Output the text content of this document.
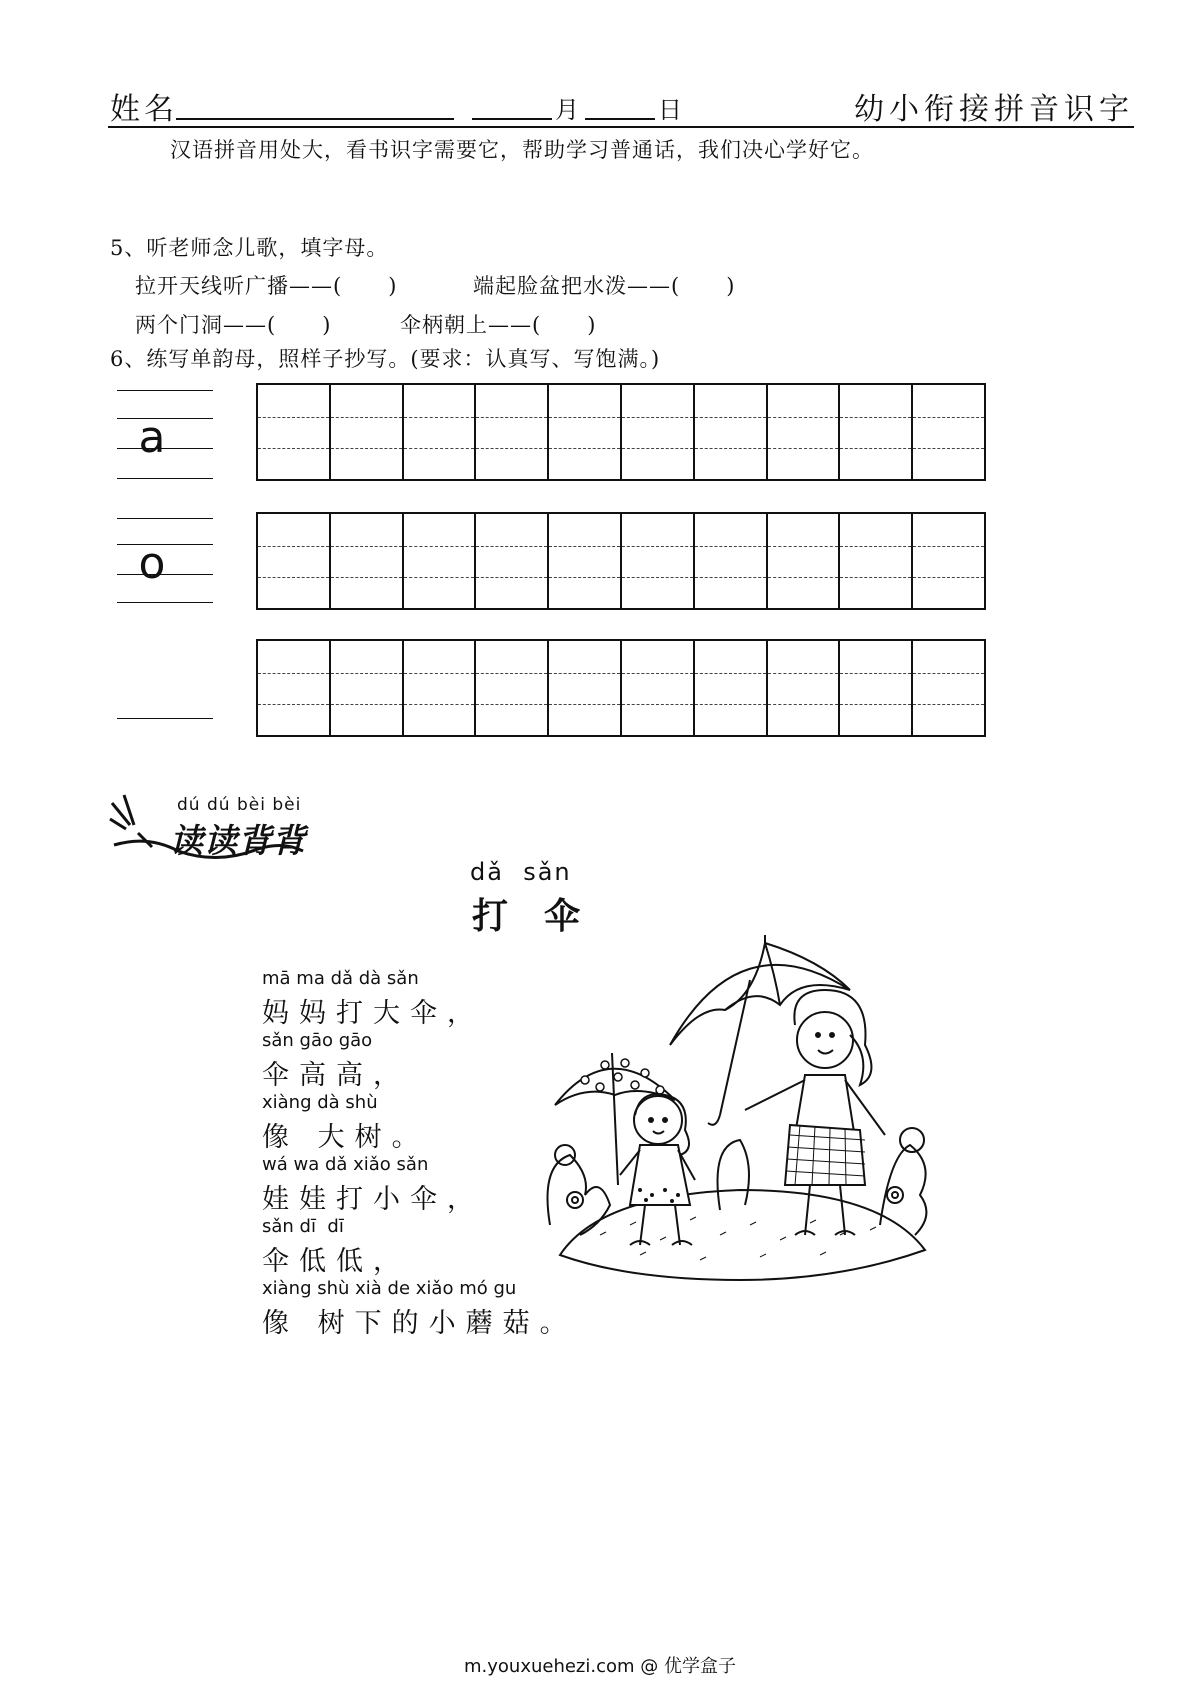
姓名	月	日	幼小衔接拼音识字
汉语拼音用处大，看书识字需要它，帮助学习普通话，我们决心学好它。
5、听老师念儿歌，填字母。
拉开天线听广播——(      )	端起脸盆把水泼——(      )
两个门洞——(      )	伞柄朝上——(      )
6、练写单韵母，照样子抄写。(要求：认真写、写饱满。)
a
o
dú dú bèi bèi
读读背背
dǎ  sǎn
打伞
mā ma dǎ dà sǎn
妈妈打大伞，
sǎn gāo gāo
伞高高，
xiàng dà shù
像 大树。
wá wa dǎ xiǎo sǎn
娃娃打小伞，
sǎn dī  dī
伞低低，
xiàng shù xià de xiǎo mó gu
像 树下的小蘑菇。
m.youxuehezi.com @ 优学盒子
